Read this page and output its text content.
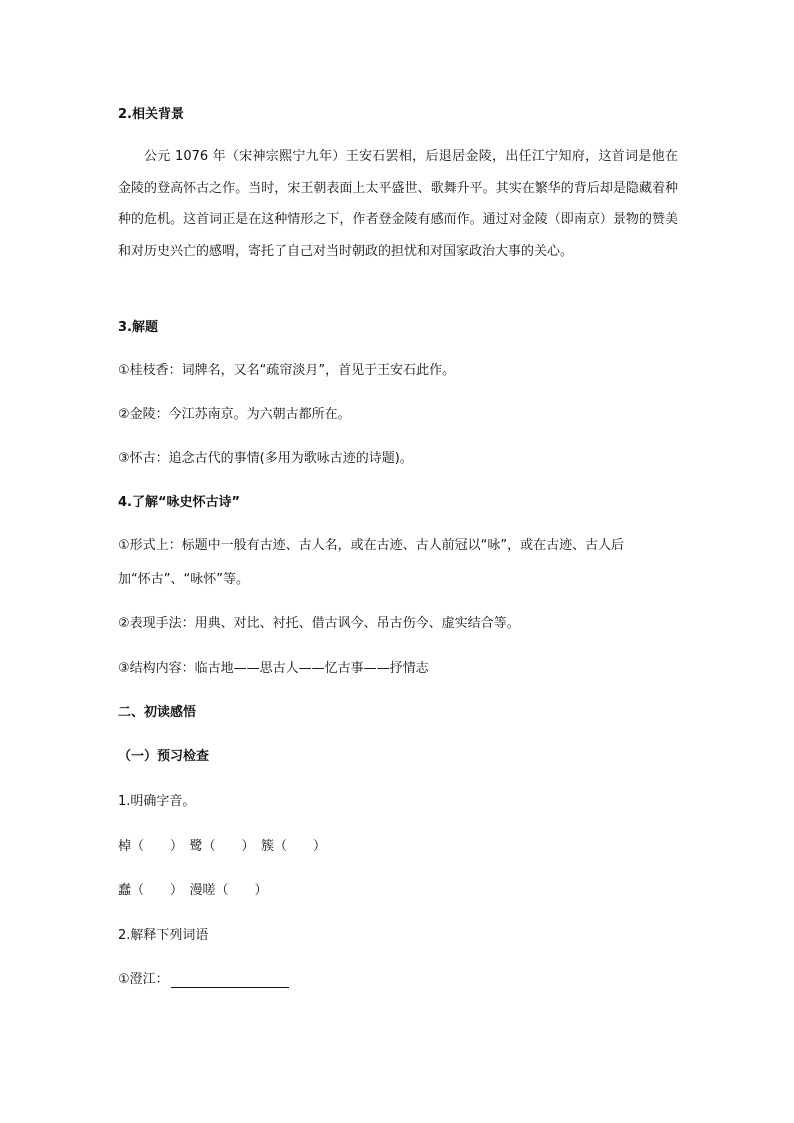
2.相关背景
公元 1076 年（宋神宗熙宁九年）王安石罢相，后退居金陵，出任江宁知府，这首词是他在金陵的登高怀古之作。当时，宋王朝表面上太平盛世、歌舞升平。其实在繁华的背后却是隐藏着种种的危机。这首词正是在这种情形之下，作者登金陵有感而作。通过对金陵（即南京）景物的赞美和对历史兴亡的感喟，寄托了自己对当时朝政的担忧和对国家政治大事的关心。
3.解题
①桂枝香：词牌名，又名“疏帘淡月”，首见于王安石此作。
②金陵：今江苏南京。为六朝古都所在。
③怀古：追念古代的事情(多用为歌咏古迹的诗题)。
4.了解“咏史怀古诗”
①形式上：标题中一般有古迹、古人名，或在古迹、古人前冠以“咏”，或在古迹、古人后
加“怀古”、“咏怀”等。
②表现手法：用典、对比、衬托、借古讽今、吊古伤今、虚实结合等。
③结构内容：临古地——思古人——忆古事——抒情志
二、初读感悟
（一）预习检查
1.明确字音。
棹（　　）　鹭（　　）　簇（　　）
蠢（　　）　漫嗟（　　）
2.解释下列词语
①澄江：
